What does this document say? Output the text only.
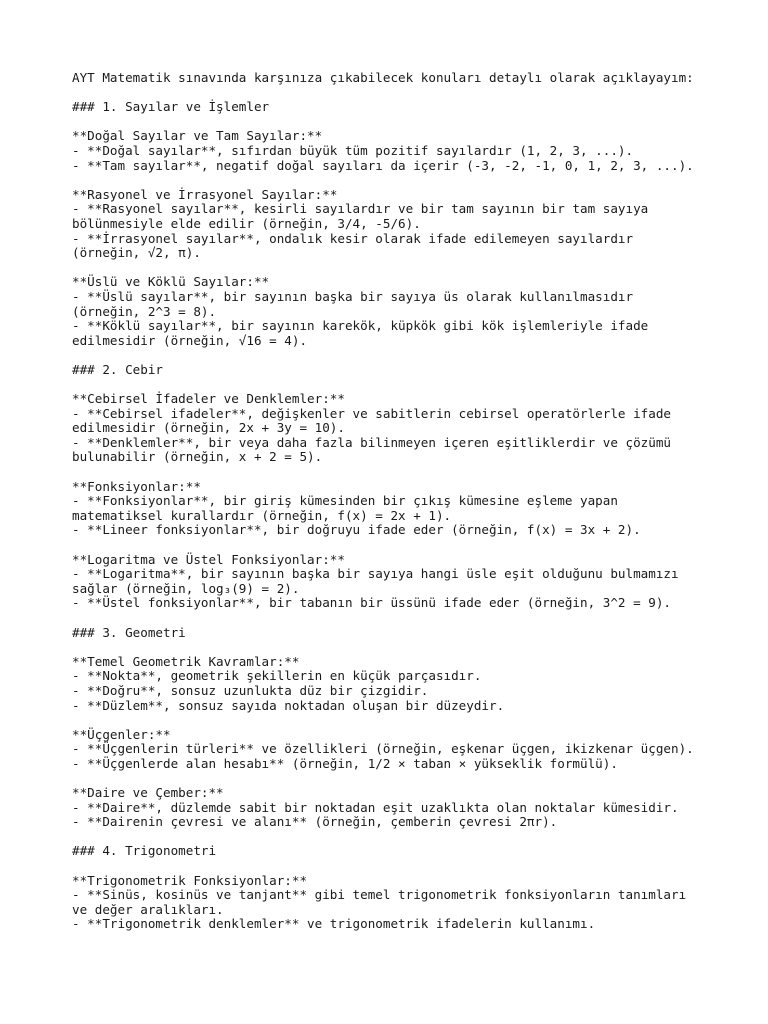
AYT Matematik sınavında karşınıza çıkabilecek konuları detaylı olarak açıklayayım:
### 1. Sayılar ve İşlemler
**Doğal Sayılar ve Tam Sayılar:**
- **Doğal sayılar**, sıfırdan büyük tüm pozitif sayılardır (1, 2, 3, ...).
- **Tam sayılar**, negatif doğal sayıları da içerir (-3, -2, -1, 0, 1, 2, 3, ...).
**Rasyonel ve İrrasyonel Sayılar:**
- **Rasyonel sayılar**, kesirli sayılardır ve bir tam sayının bir tam sayıya
bölünmesiyle elde edilir (örneğin, 3/4, -5/6).
- **İrrasyonel sayılar**, ondalık kesir olarak ifade edilemeyen sayılardır
(örneğin, √2, π).
**Üslü ve Köklü Sayılar:**
- **Üslü sayılar**, bir sayının başka bir sayıya üs olarak kullanılmasıdır
(örneğin, 2^3 = 8).
- **Köklü sayılar**, bir sayının karekök, küpkök gibi kök işlemleriyle ifade
edilmesidir (örneğin, √16 = 4).
### 2. Cebir
**Cebirsel İfadeler ve Denklemler:**
- **Cebirsel ifadeler**, değişkenler ve sabitlerin cebirsel operatörlerle ifade
edilmesidir (örneğin, 2x + 3y = 10).
- **Denklemler**, bir veya daha fazla bilinmeyen içeren eşitliklerdir ve çözümü
bulunabilir (örneğin, x + 2 = 5).
**Fonksiyonlar:**
- **Fonksiyonlar**, bir giriş kümesinden bir çıkış kümesine eşleme yapan
matematiksel kurallardır (örneğin, f(x) = 2x + 1).
- **Lineer fonksiyonlar**, bir doğruyu ifade eder (örneğin, f(x) = 3x + 2).
**Logaritma ve Üstel Fonksiyonlar:**
- **Logaritma**, bir sayının başka bir sayıya hangi üsle eşit olduğunu bulmamızı
sağlar (örneğin, log₃(9) = 2).
- **Üstel fonksiyonlar**, bir tabanın bir üssünü ifade eder (örneğin, 3^2 = 9).
### 3. Geometri
**Temel Geometrik Kavramlar:**
- **Nokta**, geometrik şekillerin en küçük parçasıdır.
- **Doğru**, sonsuz uzunlukta düz bir çizgidir.
- **Düzlem**, sonsuz sayıda noktadan oluşan bir düzeydir.
**Üçgenler:**
- **Üçgenlerin türleri** ve özellikleri (örneğin, eşkenar üçgen, ikizkenar üçgen).
- **Üçgenlerde alan hesabı** (örneğin, 1/2 × taban × yükseklik formülü).
**Daire ve Çember:**
- **Daire**, düzlemde sabit bir noktadan eşit uzaklıkta olan noktalar kümesidir.
- **Dairenin çevresi ve alanı** (örneğin, çemberin çevresi 2πr).
### 4. Trigonometri
**Trigonometrik Fonksiyonlar:**
- **Sinüs, kosinüs ve tanjant** gibi temel trigonometrik fonksiyonların tanımları
ve değer aralıkları.
- **Trigonometrik denklemler** ve trigonometrik ifadelerin kullanımı.
